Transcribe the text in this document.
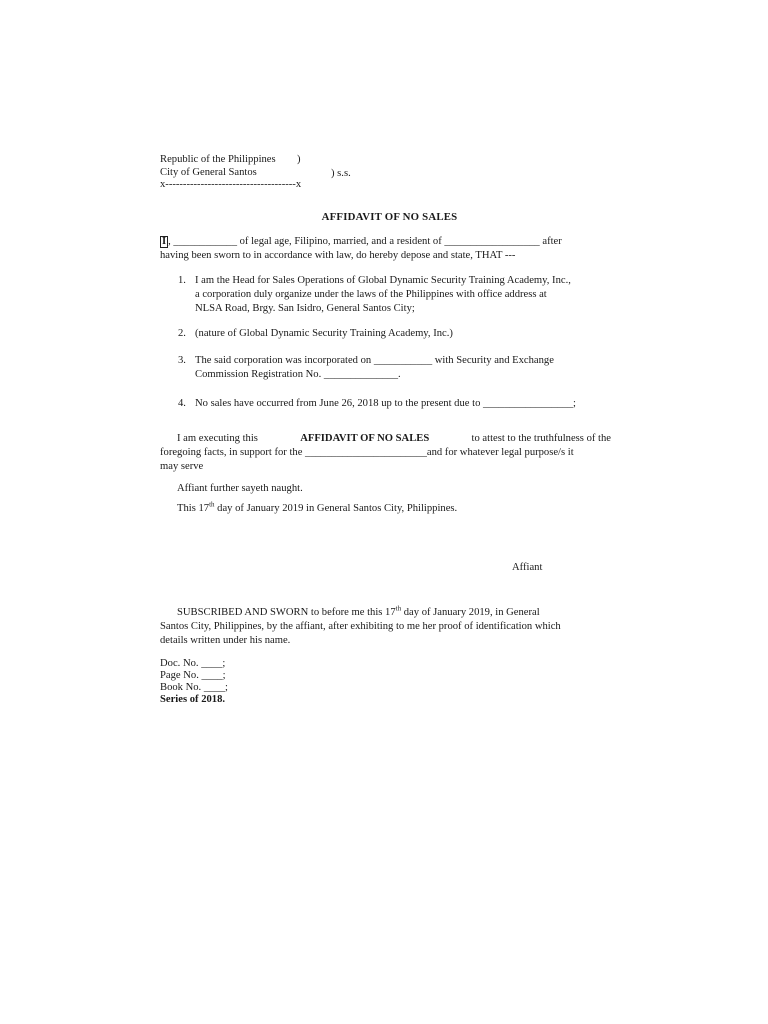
Republic of the Philippines )
City of General Santos	) s.s.
x-------------------------------------x
AFFIDAVIT OF NO SALES
I , ____________ of legal age, Filipino, married, and a resident of __________________ after
having been sworn to in accordance with law, do hereby depose and state, THAT ---
1. I am the Head for Sales Operations of Global Dynamic Security Training Academy, Inc.,
a corporation duly organize under the laws of the Philippines with office address at
NLSA Road, Brgy. San Isidro, General Santos City;
2. (nature of Global Dynamic Security Training Academy, Inc.)
3. The said corporation was incorporated on ___________ with Security and Exchange
Commission Registration No. ______________.
4. No sales have occurred from June 26, 2018 up to the present due to _________________;
I am executing this	AFFIDAVIT OF NO SALES	to attest to the truthfulness of the
foregoing facts, in support for the _______________________and for whatever legal purpose/s it
may serve
Affiant further sayeth naught.
This 17th day of January 2019 in General Santos City, Philippines.
Affiant
SUBSCRIBED AND SWORN to before me this 17th day of January 2019, in General
Santos City, Philippines, by the affiant, after exhibiting to me her proof of identification which
details written under his name.
Doc. No. ____;
Page No. ____;
Book No. ____;
Series of 2018.
